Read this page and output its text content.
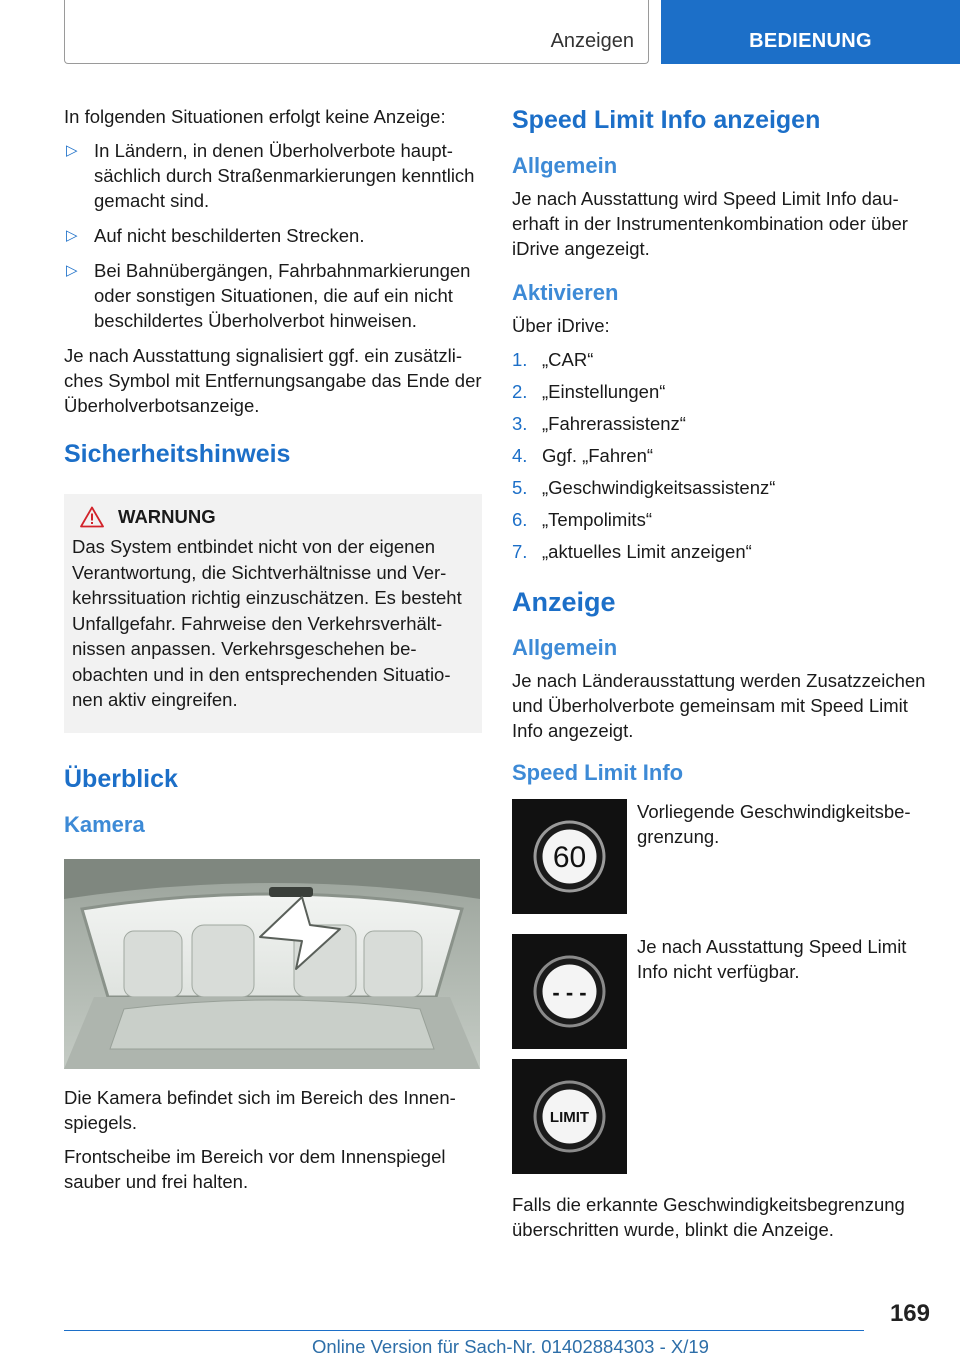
Anzeigen	BEDIENUNG

In folgenden Situationen erfolgt keine Anzeige:

▷ In Ländern, in denen Überholverbote hauptsächlich durch Straßenmarkierungen kenntlich gemacht sind.
▷ Auf nicht beschilderten Strecken.
▷ Bei Bahnübergängen, Fahrbahnmarkierungen oder sonstigen Situationen, die auf ein nicht beschildertes Überholverbot hinweisen.

Je nach Ausstattung signalisiert ggf. ein zusätzliches Symbol mit Entfernungsangabe das Ende der Überholverbotsanzeige.

Sicherheitshinweis
WARNUNG

Das System entbindet nicht von der eigenen Verantwortung, die Sichtverhältnisse und Verkehrssituation richtig einzuschätzen. Es besteht Unfallgefahr. Fahrweise den Verkehrsverhältnissen anpassen. Verkehrsgeschehen beobachten und in den entsprechenden Situationen aktiv eingreifen.

Überblick
Kamera

Die Kamera befindet sich im Bereich des Innenspiegels.

Frontscheibe im Bereich vor dem Innenspiegel sauber und frei halten.

Speed Limit Info anzeigen
Allgemein

Je nach Ausstattung wird Speed Limit Info dauerhaft in der Instrumentenkombination oder über iDrive angezeigt.

Aktivieren

Über iDrive:

1. „CAR“
2. „Einstellungen“
3. „Fahrerassistenz“
4. Ggf. „Fahren“
5. „Geschwindigkeitsassistenz“
6. „Tempolimits“
7. „aktuelles Limit anzeigen“
Anzeige
Allgemein

Je nach Länderausstattung werden Zusatzzeichen und Überholverbote gemeinsam mit Speed Limit Info angezeigt.

Speed Limit Info
60
Vorliegende Geschwindigkeitsbegrenzung.
- - -
Je nach Ausstattung Speed Limit Info nicht verfügbar.
LIMIT

Falls die erkannte Geschwindigkeitsbegrenzung überschritten wurde, blinkt die Anzeige.

169
Online Version für Sach-Nr. 01402884303 - X/19
